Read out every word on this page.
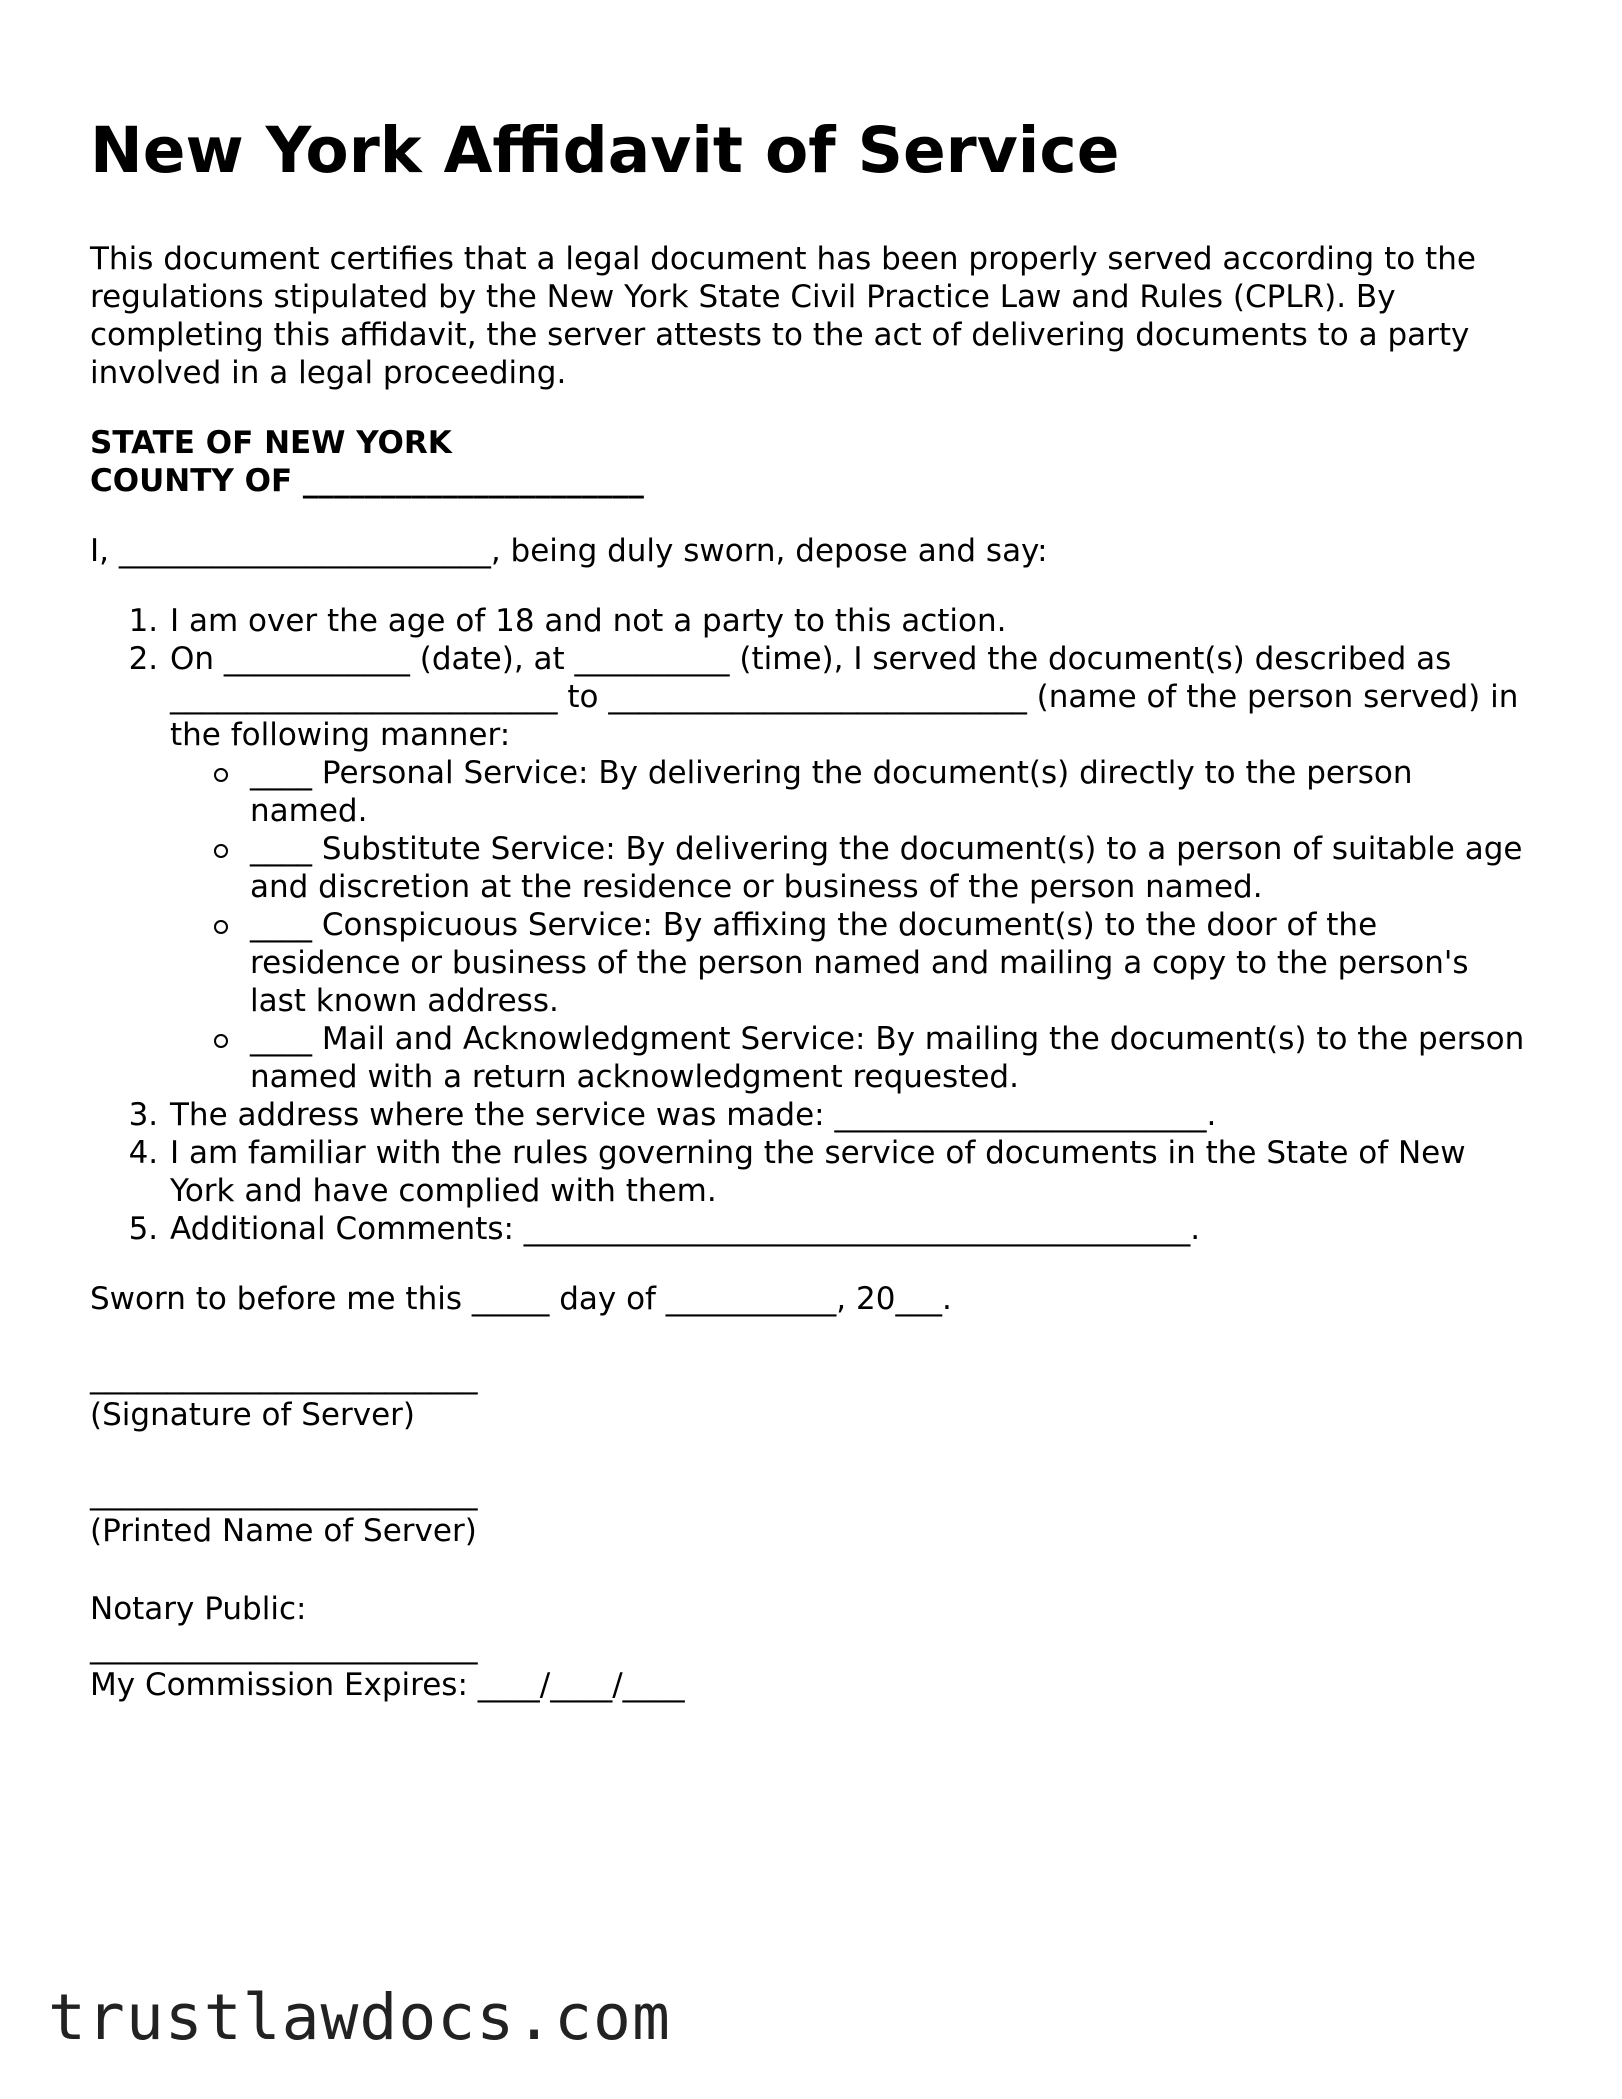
New York Affidavit of Service

This document certifies that a legal document has been properly served according to the regulations stipulated by the New York State Civil Practice Law and Rules (CPLR). By completing this affidavit, the server attests to the act of delivering documents to a party involved in a legal proceeding.

STATE OF NEW YORK
COUNTY OF ______________________

I, ________________________, being duly sworn, depose and say:

1. I am over the age of 18 and not a party to this action.
2. On ____________ (date), at __________ (time), I served the document(s) described as _________________________ to ___________________________ (name of the person served) in the following manner:
____ Personal Service: By delivering the document(s) directly to the person named.
____ Substitute Service: By delivering the document(s) to a person of suitable age and discretion at the residence or business of the person named.
____ Conspicuous Service: By affixing the document(s) to the door of the residence or business of the person named and mailing a copy to the person's last known address.
____ Mail and Acknowledgment Service: By mailing the document(s) to the person named with a return acknowledgment requested.
3. The address where the service was made: ________________________.
4. I am familiar with the rules governing the service of documents in the State of New York and have complied with them.
5. Additional Comments: ___________________________________________.

Sworn to before me this _____ day of ___________, 20___.

_________________________
(Signature of Server)
_________________________
(Printed Name of Server)
Notary Public:
_________________________
My Commission Expires: ____/____/____
trustlawdocs.com
